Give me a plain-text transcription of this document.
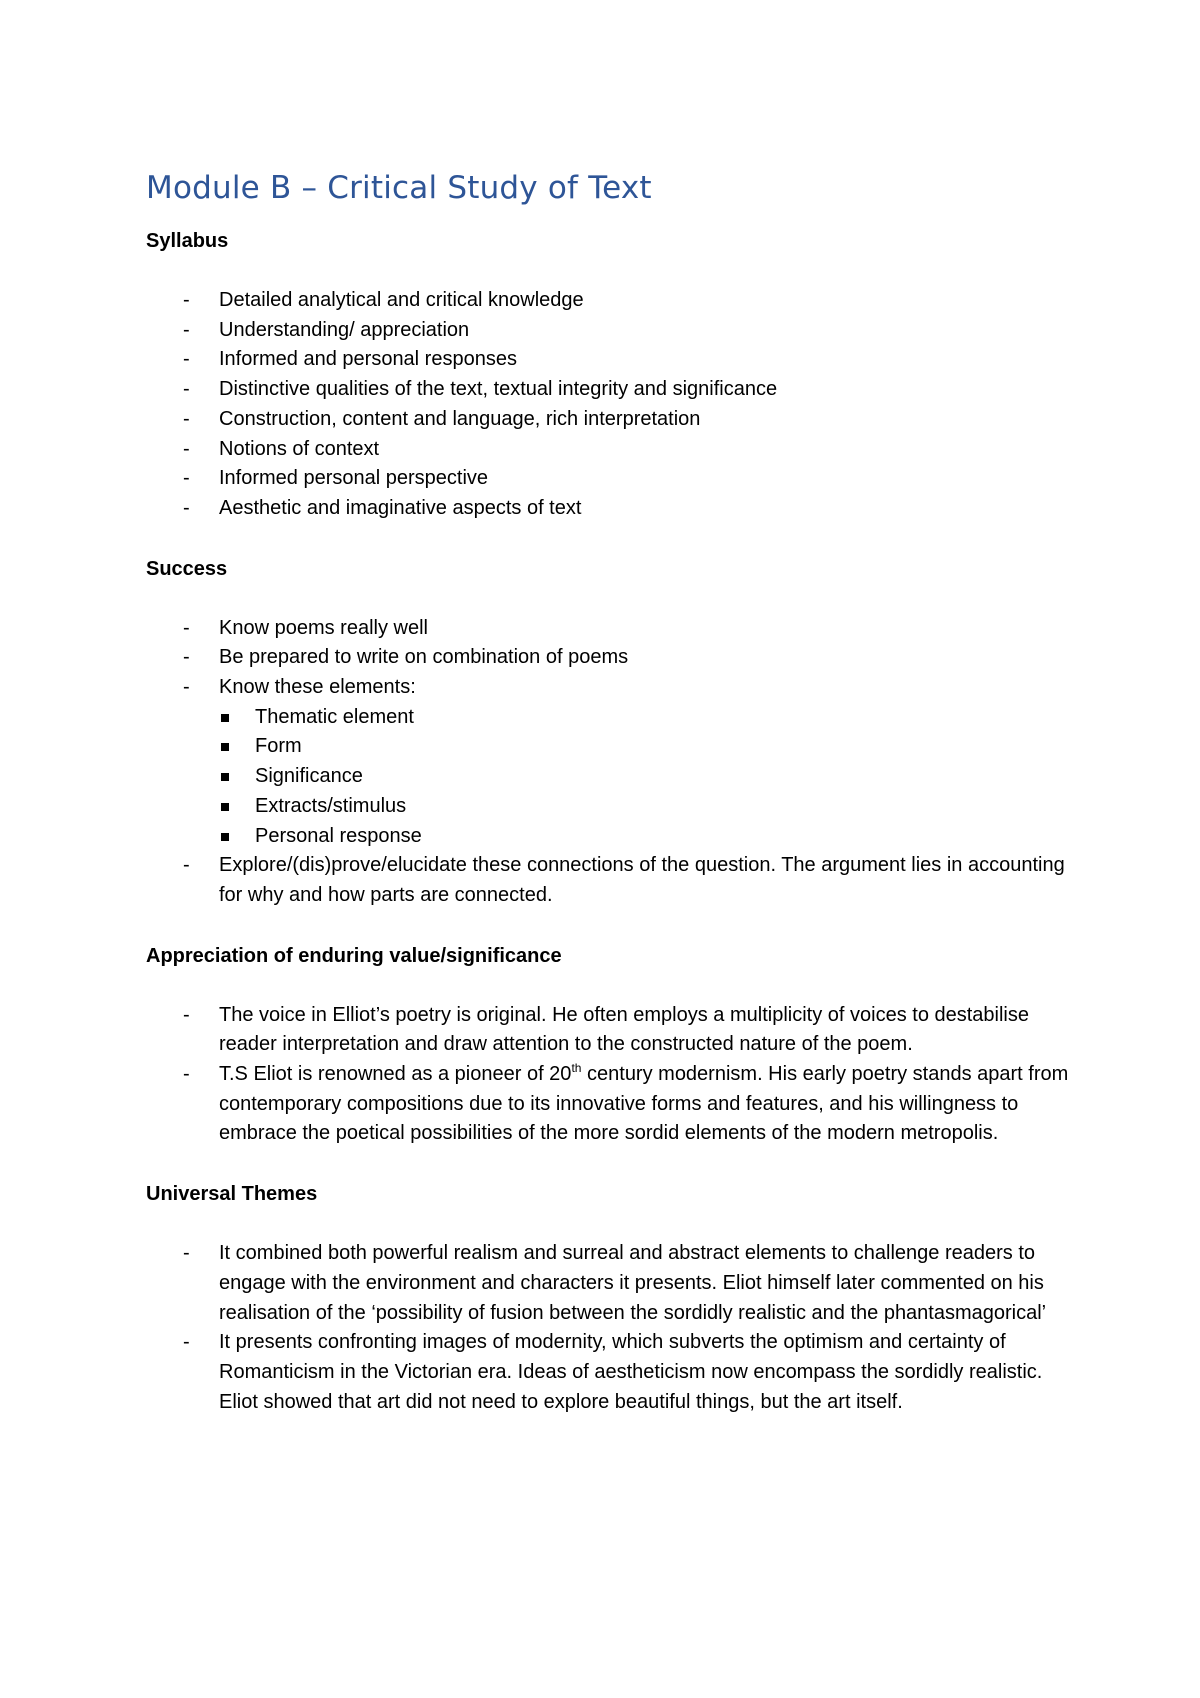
Module B – Critical Study of Text
Syllabus
- Detailed analytical and critical knowledge
- Understanding/ appreciation
- Informed and personal responses
- Distinctive qualities of the text, textual integrity and significance
- Construction, content and language, rich interpretation
- Notions of context
- Informed personal perspective
- Aesthetic and imaginative aspects of text
Success
- Know poems really well
- Be prepared to write on combination of poems
- Know these elements:
Thematic element
Form
Significance
Extracts/stimulus
Personal response
- Explore/(dis)prove/elucidate these connections of the question. The argument lies in accounting for why and how parts are connected.
Appreciation of enduring value/significance
- The voice in Elliot’s poetry is original. He often employs a multiplicity of voices to destabilise reader interpretation and draw attention to the constructed nature of the poem.
- T.S Eliot is renowned as a pioneer of 20th century modernism. His early poetry stands apart from contemporary compositions due to its innovative forms and features, and his willingness to embrace the poetical possibilities of the more sordid elements of the modern metropolis.
Universal Themes
- It combined both powerful realism and surreal and abstract elements to challenge readers to engage with the environment and characters it presents. Eliot himself later commented on his realisation of the ‘possibility of fusion between the sordidly realistic and the phantasmagorical’
- It presents confronting images of modernity, which subverts the optimism and certainty of Romanticism in the Victorian era. Ideas of aestheticism now encompass the sordidly realistic. Eliot showed that art did not need to explore beautiful things, but the art itself.
